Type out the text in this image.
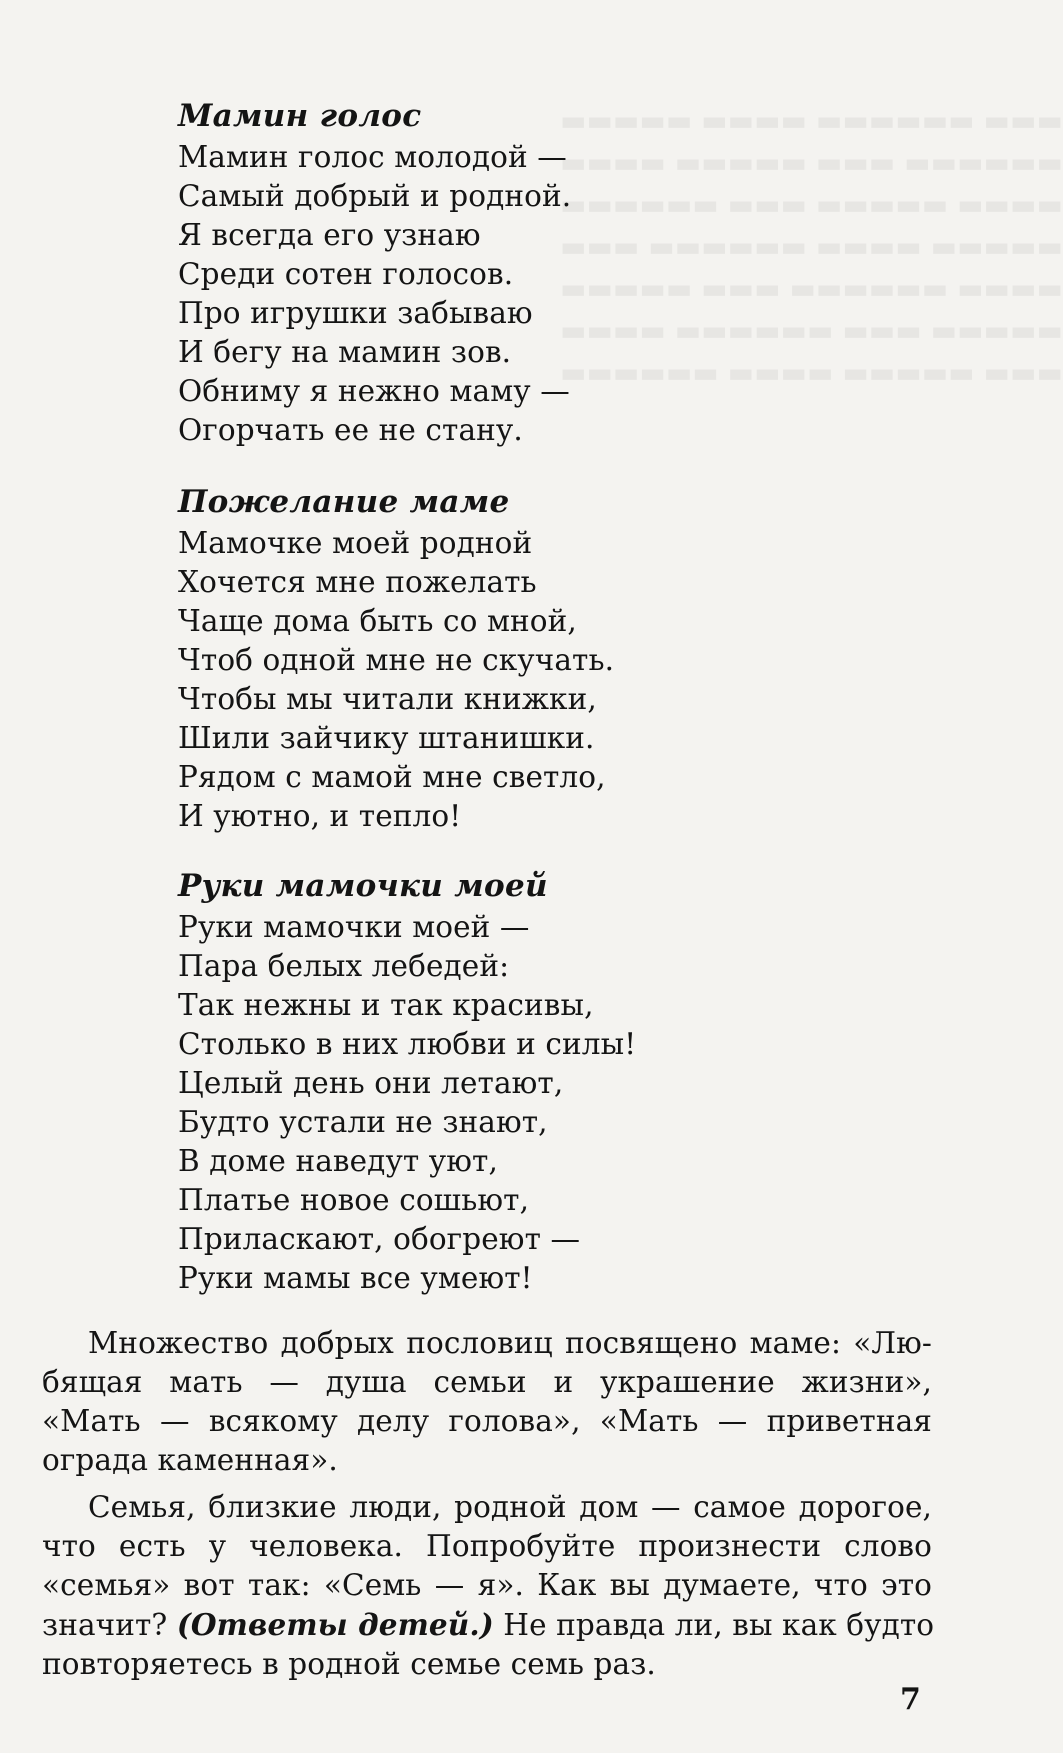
▬▬▬▬▬ ▬▬▬▬ ▬▬▬▬▬▬ ▬▬▬
▬▬▬▬ ▬▬▬▬▬ ▬▬▬ ▬▬▬▬▬▬
▬▬▬▬▬▬ ▬▬▬ ▬▬▬▬▬ ▬▬▬▬
▬▬▬ ▬▬▬▬▬▬ ▬▬▬▬ ▬▬▬▬▬
▬▬▬▬▬ ▬▬▬ ▬▬▬▬▬▬ ▬▬▬▬
▬▬▬▬ ▬▬▬▬▬▬ ▬▬▬ ▬▬▬▬▬
▬▬▬▬▬▬ ▬▬▬▬ ▬▬▬▬▬ ▬▬▬
Мамин голос
Мамин голос молодой —
Самый добрый и родной.
Я всегда его узнаю
Среди сотен голосов.
Про игрушки забываю
И бегу на мамин зов.
Обниму я нежно маму —
Огорчать ее не стану.
Пожелание маме
Мамочке моей родной
Хочется мне пожелать
Чаще дома быть со мной,
Чтоб одной мне не скучать.
Чтобы мы читали книжки,
Шили зайчику штанишки.
Рядом с мамой мне светло,
И уютно, и тепло!
Руки мамочки моей
Руки мамочки моей —
Пара белых лебедей:
Так нежны и так красивы,
Столько в них любви и силы!
Целый день они летают,
Будто устали не знают,
В доме наведут уют,
Платье новое сошьют,
Приласкают, обогреют —
Руки мамы все умеют!
Множество добрых пословиц посвящено маме: «Лю-
бящая мать — душа семьи и украшение жизни»,
«Мать — всякому делу голова», «Мать — приветная
ограда каменная».
Семья, близкие люди, родной дом — самое дорогое,
что есть у человека. Попробуйте произнести слово
«семья» вот так: «Семь — я». Как вы думаете, что это
значит? (Ответы детей.) Не правда ли, вы как будто
повторяетесь в родной семье семь раз.
7
